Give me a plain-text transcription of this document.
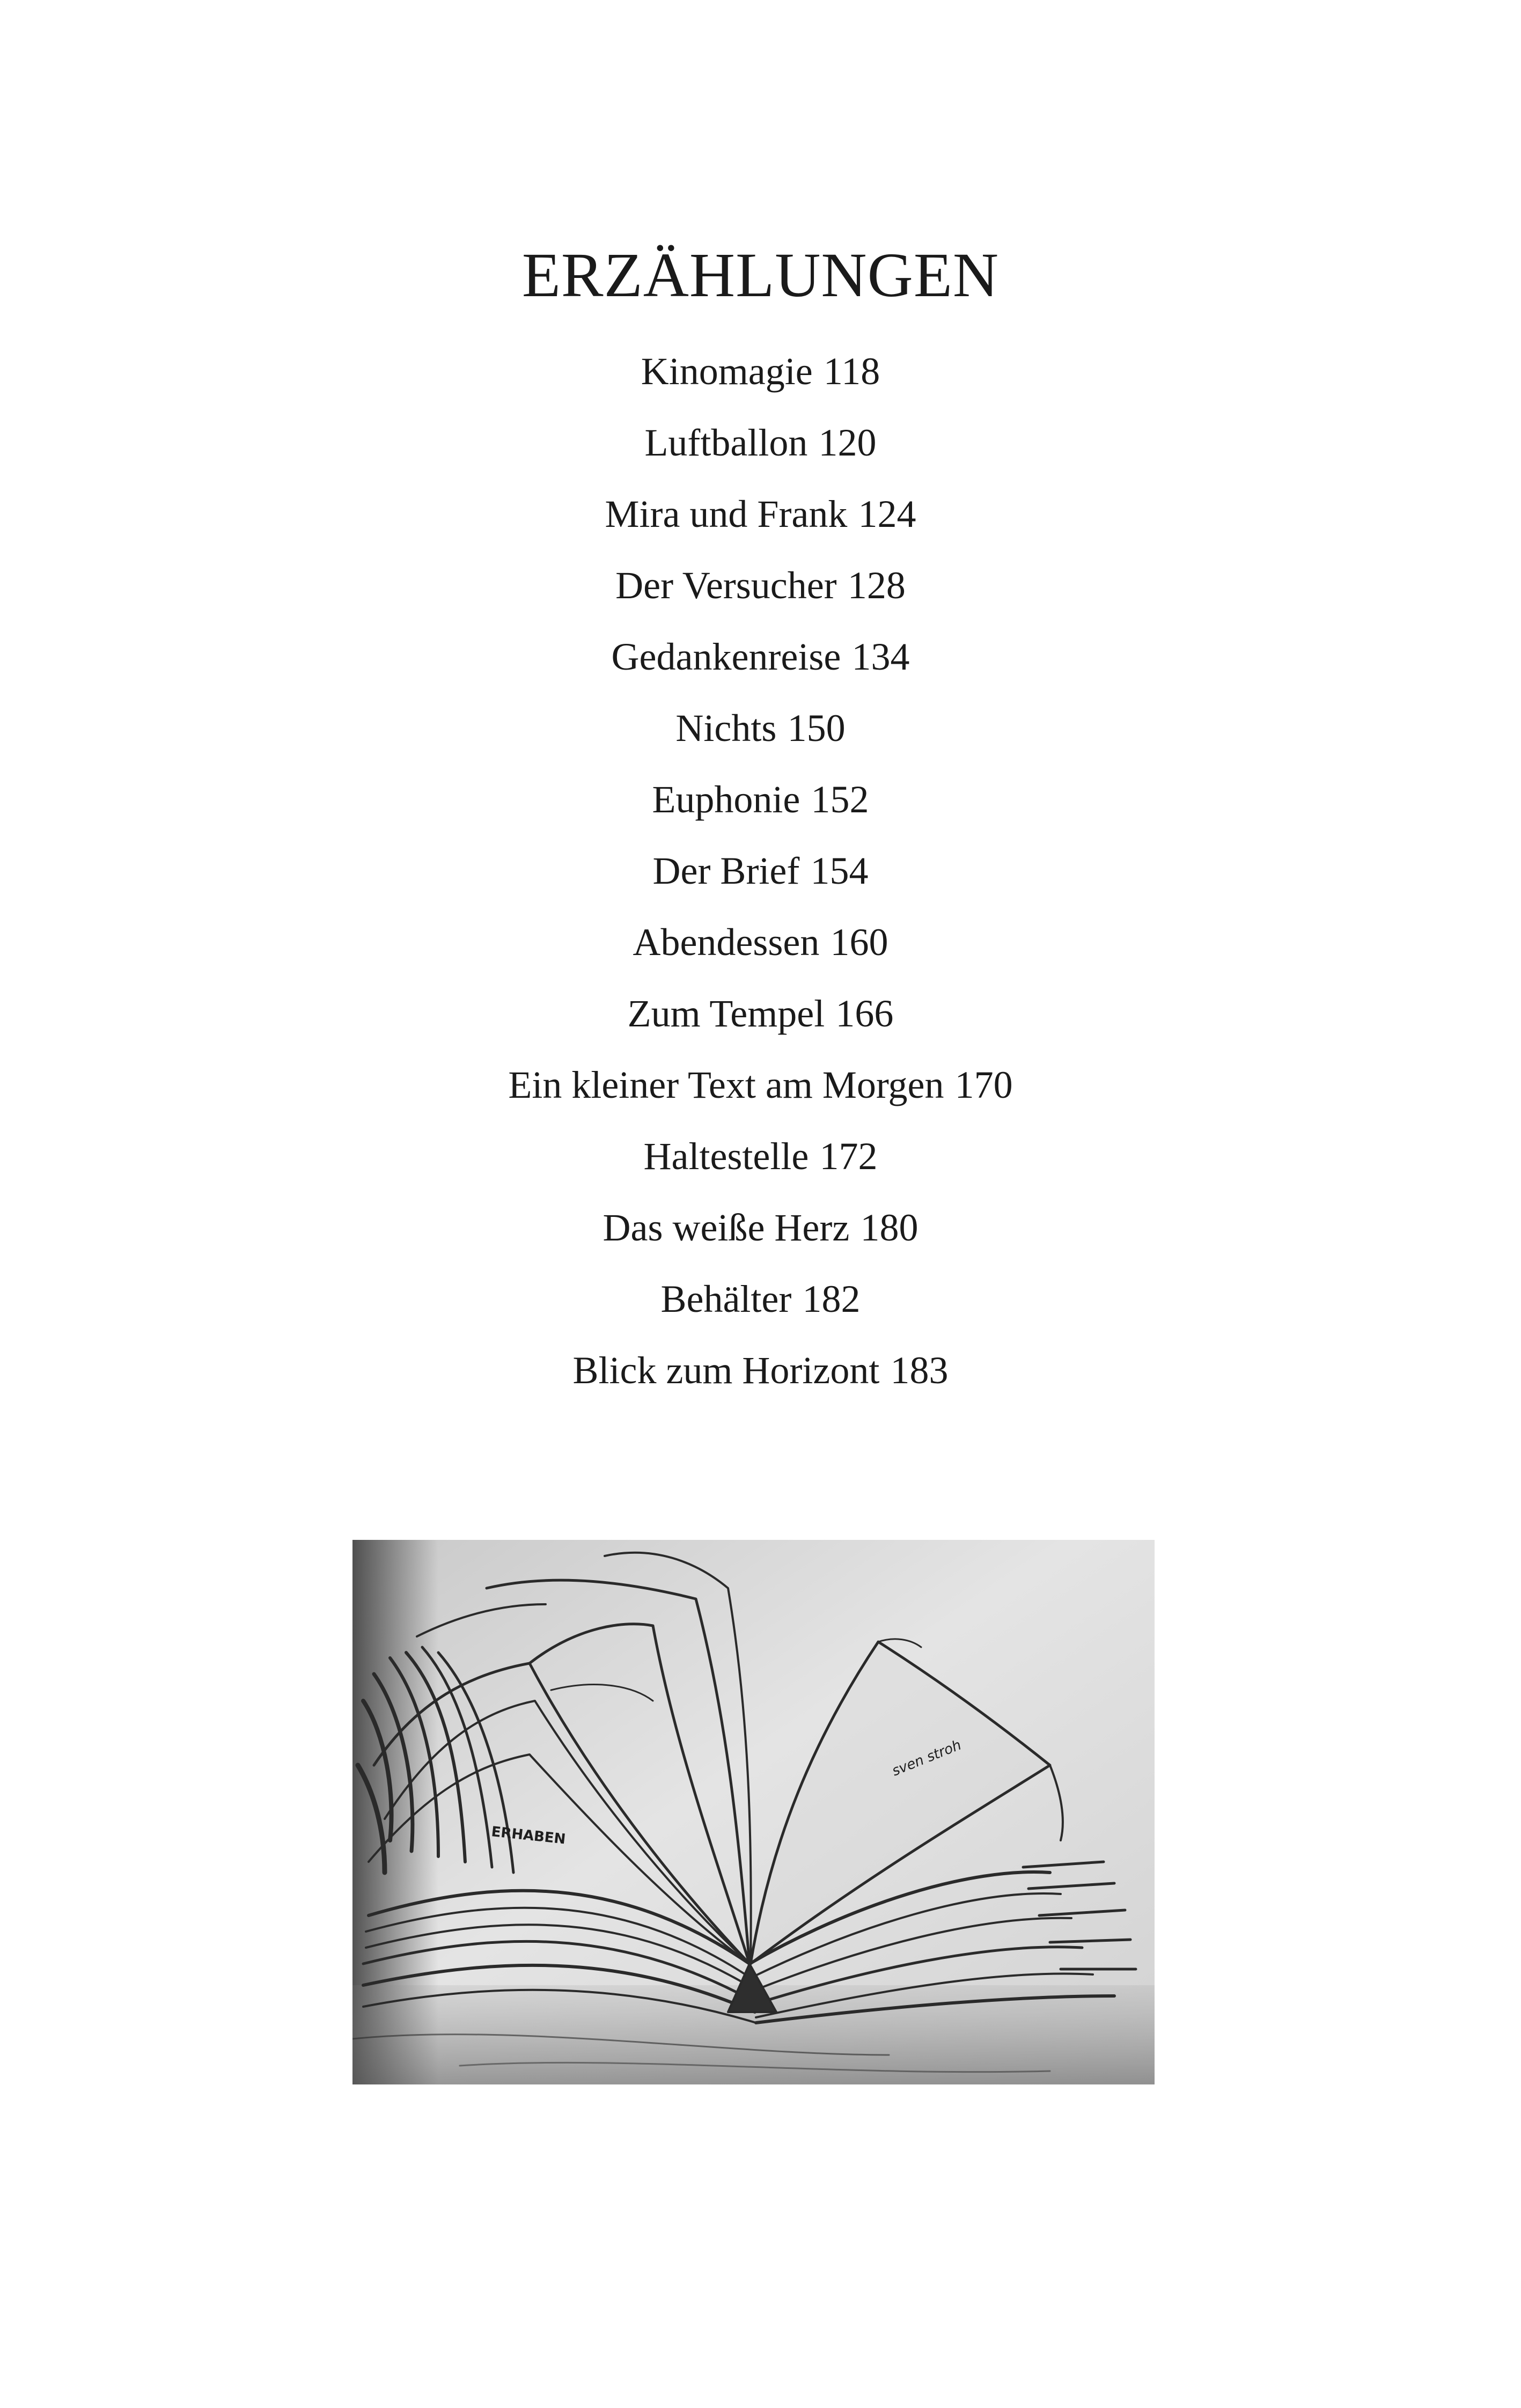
ERZÄHLUNGEN
Kinomagie 118
Luftballon 120
Mira und Frank 124
Der Versucher 128
Gedankenreise 134
Nichts 150
Euphonie 152
Der Brief 154
Abendessen 160
Zum Tempel 166
Ein kleiner Text am Morgen 170
Haltestelle 172
Das weiße Herz 180
Behälter 182
Blick zum Horizont 183
ERHABEN
sven stroh
